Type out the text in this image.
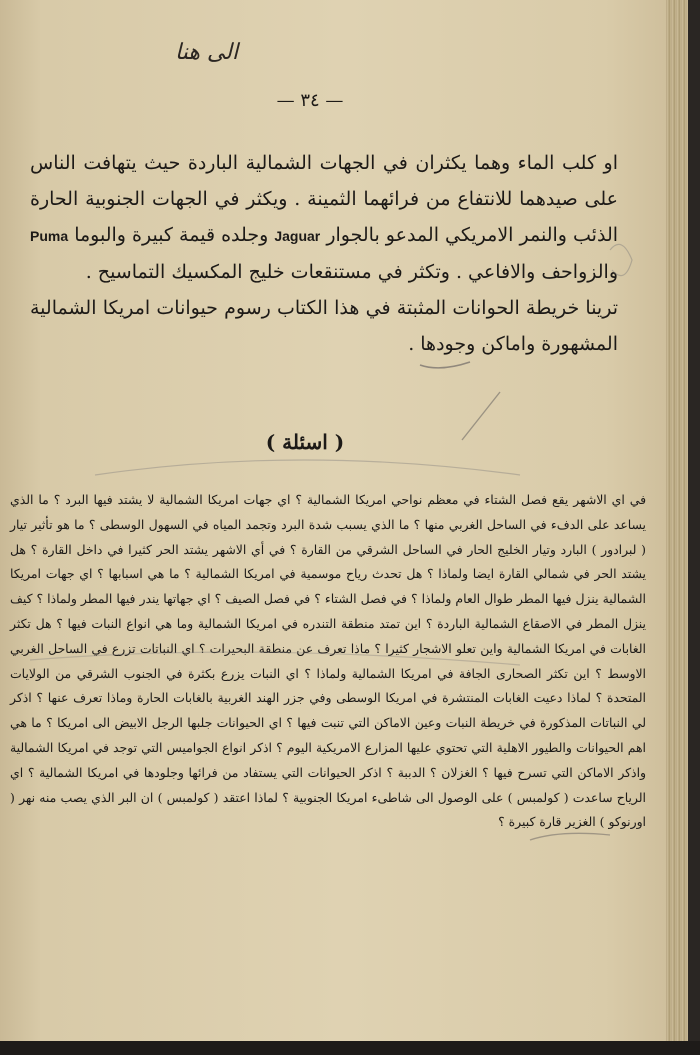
الى هنا
— ٣٤ —

او كلب الماء وهما يكثران في الجهات الشمالية الباردة حيث يتهافت الناس على صيدهما للانتفاع من فرائهما الثمينة . ويكثر في الجهات الجنوبية الحارة الذئب والنمر الامريكي المدعو بالجوار Jaguar وجلده قيمة كبيرة والبوما Puma والزواحف والافاعي . وتكثر في مستنقعات خليج المكسيك التماسيح .

ترينا خريطة الحوانات المثبتة في هذا الكتاب رسوم حيوانات امريكا الشمالية المشهورة واماكن وجودها .

( اسئلة )

في اي الاشهر يقع فصل الشتاء في معظم نواحي امريكا الشمالية ؟ اي جهات امريكا الشمالية لا يشتد فيها البرد ؟ ما الذي يساعد على الدفء في الساحل الغربي منها ؟ ما الذي يسبب شدة البرد وتجمد المياه في السهول الوسطى ؟ ما هو تأثير تيار ( لبرادور ) البارد وتيار الخليج الحار في الساحل الشرقي من القارة ؟ في أي الاشهر يشتد الحر كثيرا في داخل القارة ؟ هل يشتد الحر في شمالي القارة ايضا ولماذا ؟ هل تحدث رياح موسمية في امريكا الشمالية ؟ ما هي اسبابها ؟ اي جهات امريكا الشمالية ينزل فيها المطر طوال العام ولماذا ؟ في فصل الشتاء ؟ في فصل الصيف ؟ اي جهاتها يندر فيها المطر ولماذا ؟ كيف ينزل المطر في الاصقاع الشمالية الباردة ؟ اين تمتد منطقة التندره في امريكا الشمالية وما هي انواع النبات فيها ؟ هل تكثر الغابات في امريكا الشمالية واين تعلو الاشجار كثيرا ؟ ماذا تعرف عن منطقة البحيرات ؟ اي النباتات تزرع في الساحل الغربي الاوسط ؟ اين تكثر الصحارى الجافة في امريكا الشمالية ولماذا ؟ اي النبات يزرع بكثرة في الجنوب الشرقي من الولايات المتحدة ؟ لماذا دعيت الغابات المنتشرة في امريكا الوسطى وفي جزر الهند الغربية بالغابات الحارة وماذا تعرف عنها ؟ اذكر لي النباتات المذكورة في خريطة النبات وعين الاماكن التي تنبت فيها ؟ اي الحيوانات جلبها الرجل الابيض الى امريكا ؟ ما هي اهم الحيوانات والطيور الاهلية التي تحتوي عليها المزارع الامريكية اليوم ؟ اذكر انواع الجواميس التي توجد في امريكا الشمالية واذكر الاماكن التي تسرح فيها ؟ الغزلان ؟ الدببة ؟ اذكر الحيوانات التي يستفاد من فرائها وجلودها في امريكا الشمالية ؟ اي الرياح ساعدت ( كولمبس ) على الوصول الى شاطىء امريكا الجنوبية ؟ لماذا اعتقد ( كولمبس ) ان البر الذي يصب منه نهر ( اورنوكو ) الغزير قارة كبيرة ؟
